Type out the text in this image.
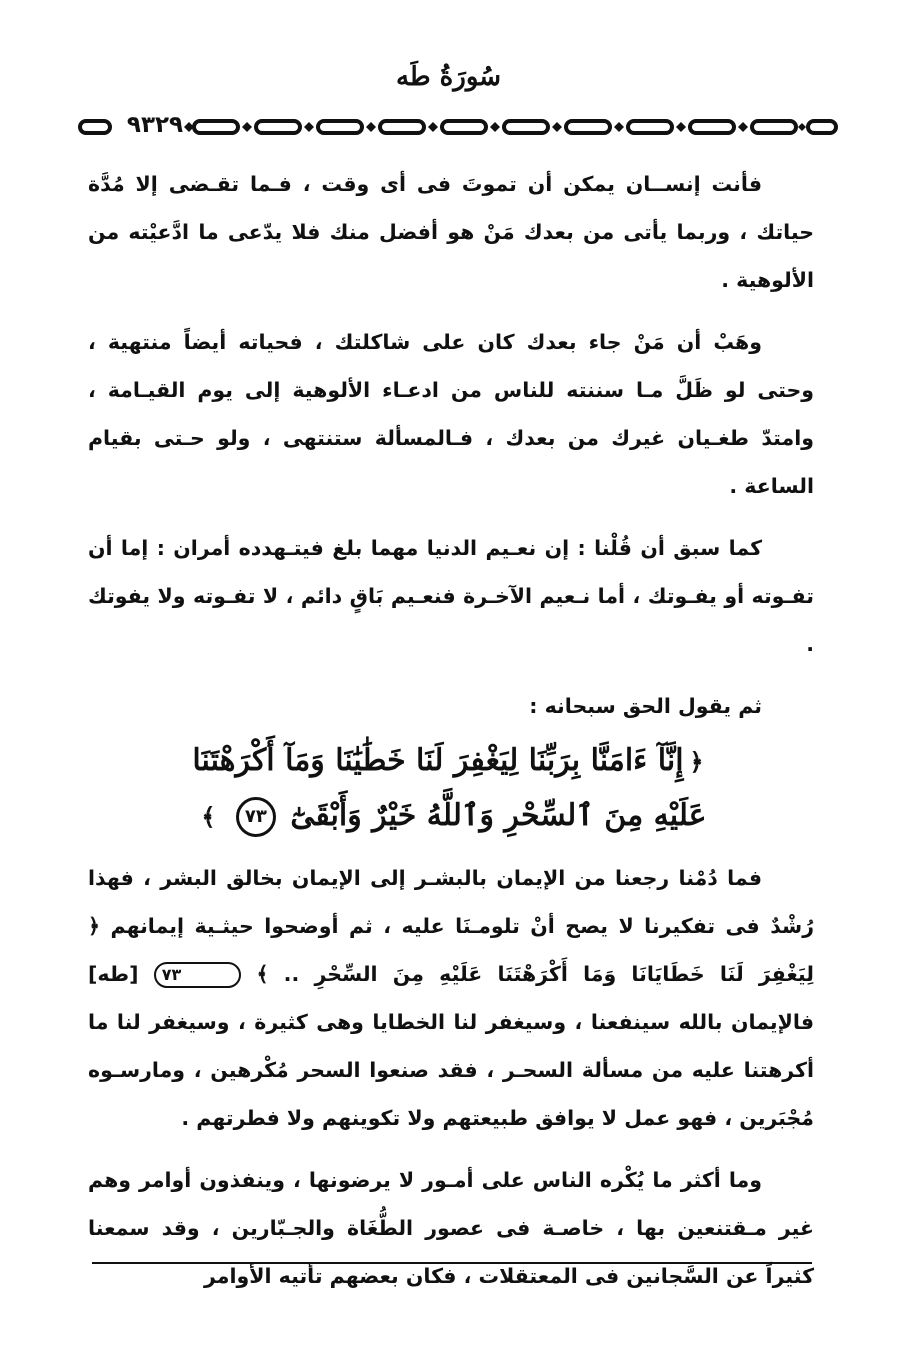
سُورَةُ طَه
٩٣٢٩

فأنت إنســان يمكن أن تموتَ فى أى وقت ، فـما تقـضى إلا مُدَّة حياتك ، وربما يأتى من بعدك مَنْ هو أفضل منك فلا يدّعى ما ادَّعيْته من الألوهية .

وهَبْ أن مَنْ جاء بعدك كان على شاكلتك ، فحياته أيضاً منتهية ، وحتى لو ظَلَّ مـا سننته للناس من ادعـاء الألوهية إلى يوم القيـامة ، وامتدّ طغـيان غيرك من بعدك ، فـالمسألة ستنتهى ، ولو حـتى بقيام الساعة .

كما سبق أن قُلْنا : إن نعـيم الدنيا مهما بلغ فيتـهدده أمران : إما أن تفـوته أو يفـوتك ، أما نـعيم الآخـرة فنعـيم بَاقٍ دائم ، لا تفـوته ولا يفوتك .

ثم يقول الحق سبحانه :

﴿إِنَّآ ءَامَنَّا بِرَبِّنَا لِيَغْفِرَ لَنَا خَطَٰيَٰنَا وَمَآ أَكْرَهْتَنَا
عَلَيْهِ مِنَ ٱلسِّحْرِ وَٱللَّهُ خَيْرٌ وَأَبْقَىٰٓ ٧٣ ﴾

فما دُمْنا رجعنا من الإيمان بالبشـر إلى الإيمان بخالق البشر ، فهذا رُشْدٌ فى تفكيرنا لا يصح أنْ تلومـنَا عليه ، ثم أوضحوا حيثـية إيمانهم ﴿ لِيَغْفِرَ لَنَا خَطَايَانَا وَمَا أَكْرَهْتَنَا عَلَيْهِ مِنَ السِّحْرِ .. ﴾ ٧٣ [طه] فالإيمان بالله سينفعنا ، وسيغفر لنا الخطايا وهى كثيرة ، وسيغفر لنا ما أكرهتنا عليه من مسألة السحـر ، فقد صنعوا السحر مُكْرهين ، ومارسـوه مُجْبَرين ، فهو عمل لا يوافق طبيعتهم ولا تكوينهم ولا فطرتهم .

وما أكثر ما يُكْره الناس على أمـور لا يرضونها ، وينفذون أوامر وهم غير مـقتنعين بها ، خاصـة فى عصور الطُّغَاة والجـبّارين ، وقد سمعنا كثيراً عن السَّجانين فى المعتقلات ، فكان بعضهم تأتيه الأوامر
